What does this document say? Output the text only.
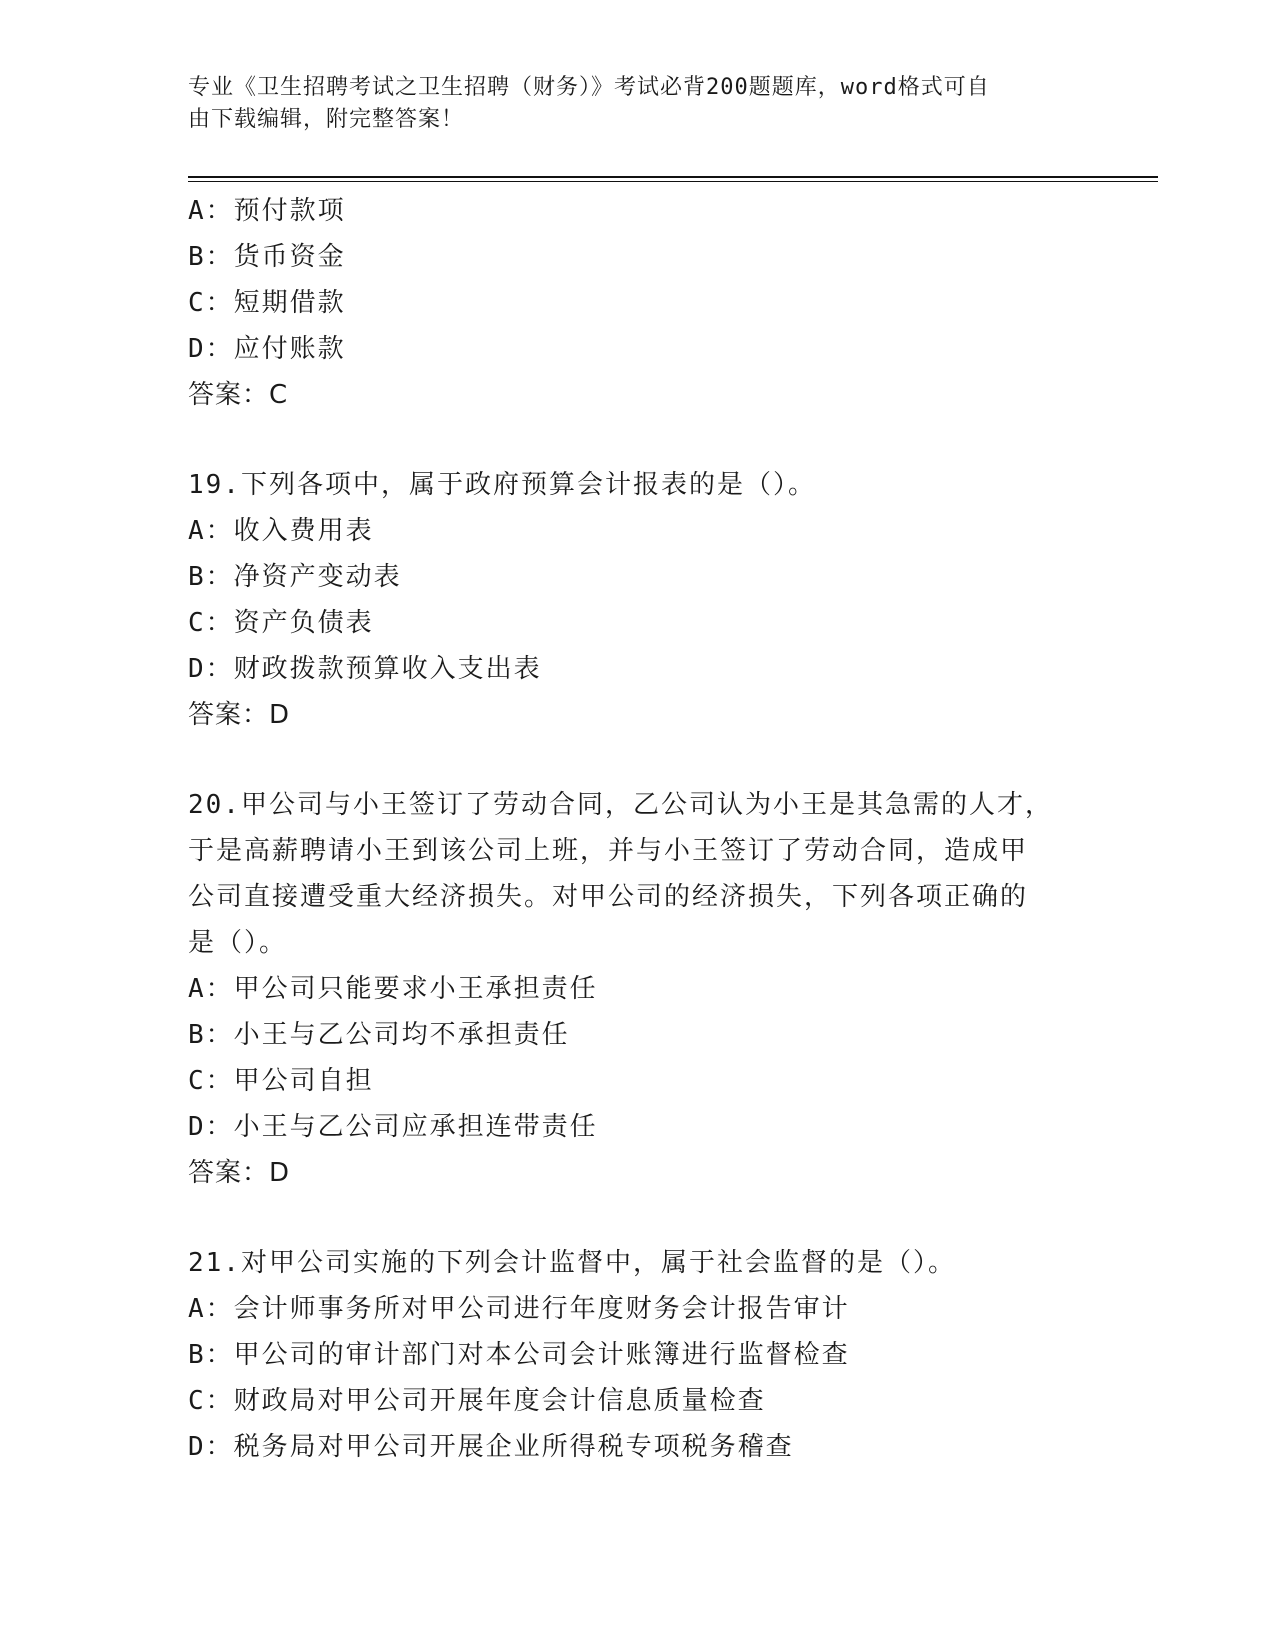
专业《卫生招聘考试之卫生招聘（财务）》考试必背200题题库，word格式可自
由下载编辑，附完整答案！
A：预付款项
B：货币资金
C：短期借款
D：应付账款
答案：C
19.下列各项中，属于政府预算会计报表的是（）。
A：收入费用表
B：净资产变动表
C：资产负债表
D：财政拨款预算收入支出表
答案：D
20.甲公司与小王签订了劳动合同，乙公司认为小王是其急需的人才，
于是高薪聘请小王到该公司上班，并与小王签订了劳动合同，造成甲
公司直接遭受重大经济损失。对甲公司的经济损失，下列各项正确的
是（）。
A：甲公司只能要求小王承担责任
B：小王与乙公司均不承担责任
C：甲公司自担
D：小王与乙公司应承担连带责任
答案：D
21.对甲公司实施的下列会计监督中，属于社会监督的是（）。
A：会计师事务所对甲公司进行年度财务会计报告审计
B：甲公司的审计部门对本公司会计账簿进行监督检查
C：财政局对甲公司开展年度会计信息质量检查
D：税务局对甲公司开展企业所得税专项税务稽查
